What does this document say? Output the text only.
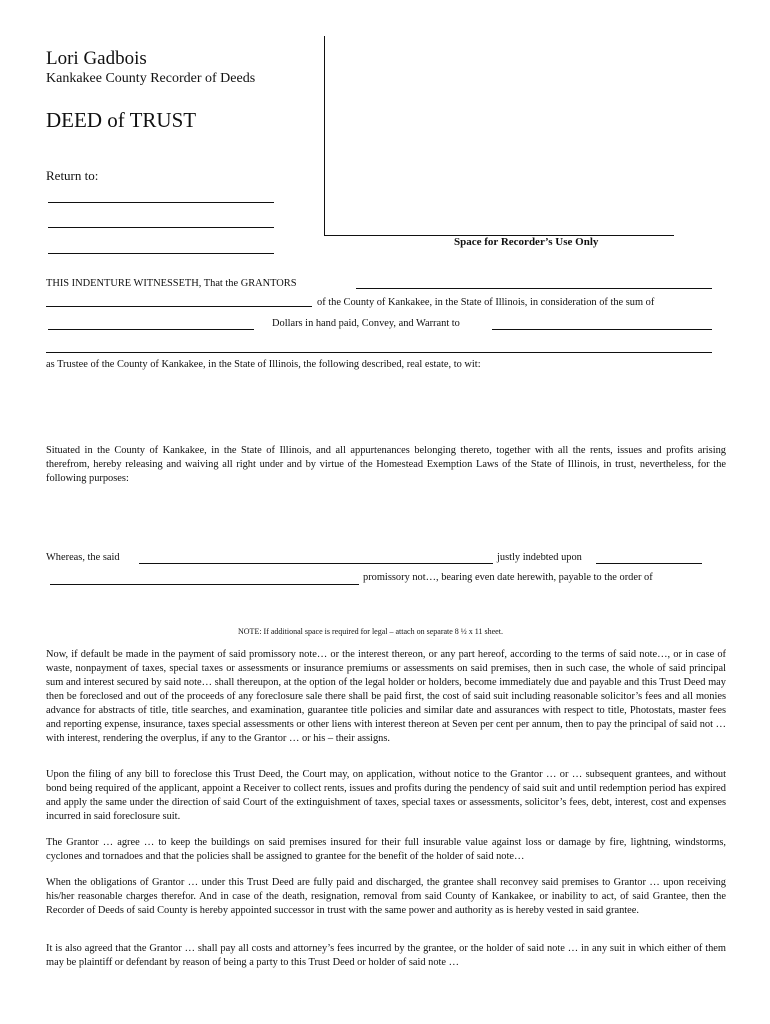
Lori Gadbois
Kankakee County Recorder of Deeds
DEED of TRUST
Return to:
Space for Recorder’s Use Only
THIS INDENTURE WITNESSETH, That the GRANTORS
of the County of Kankakee, in the State of Illinois, in consideration of the sum of
Dollars in hand paid, Convey, and Warrant to
as Trustee of the County of Kankakee, in the State of Illinois, the following described, real estate, to wit:

Situated in the County of Kankakee, in the State of Illinois, and all appurtenances belonging thereto, together with all the rents, issues and profits arising therefrom, hereby releasing and waiving all right under and by virtue of the Homestead Exemption Laws of the State of Illinois, in trust, nevertheless, for the following purposes:

Whereas, the said	justly indebted upon
promissory not…, bearing even date herewith, payable to the order of
NOTE: If additional space is required for legal – attach on separate 8 ½ x 11 sheet.

Now, if default be made in the payment of said promissory note… or the interest thereon, or any part hereof, according to the terms of said note…, or in case of waste, nonpayment of taxes, special taxes or assessments or insurance premiums or assessments on said premises, then in such case, the whole of said principal sum and interest secured by said note… shall thereupon, at the option of the legal holder or holders, become immediately due and payable and this Trust Deed may then be foreclosed and out of the proceeds of any foreclosure sale there shall be paid first, the cost of said suit including reasonable solicitor’s fees and all monies advance for abstracts of title, title searches, and examination, guarantee title policies and similar date and assurances with respect to title, Photostats, master fees and reporting expense, insurance, taxes special assessments or other liens with interest thereon at Seven per cent per annum, then to pay the principal of said not … with interest, rendering the overplus, if any to the Grantor … or his – their assigns.

Upon the filing of any bill to foreclose this Trust Deed, the Court may, on application, without notice to the Grantor … or … subsequent grantees, and without bond being required of the applicant, appoint a Receiver to collect rents, issues and profits during the pendency of said suit and until redemption period has expired and apply the same under the direction of said Court of the extinguishment of taxes, special taxes or assessments, solicitor’s fees, debt, interest, cost and expenses incurred in said foreclosure suit.

The Grantor … agree … to keep the buildings on said premises insured for their full insurable value against loss or damage by fire, lightning, windstorms, cyclones and tornadoes and that the policies shall be assigned to grantee for the benefit of the holder of said note…

When the obligations of Grantor … under this Trust Deed are fully paid and discharged, the grantee shall reconvey said premises to Grantor … upon receiving his/her reasonable charges therefor. And in case of the death, resignation, removal from said County of Kankakee, or inability to act, of said Grantee, then the Recorder of Deeds of said County is hereby appointed successor in trust with the same power and authority as is hereby vested in said grantee.

It is also agreed that the Grantor … shall pay all costs and attorney’s fees incurred by the grantee, or the holder of said note … in any suit in which either of them may be plaintiff or defendant by reason of being a party to this Trust Deed or holder of said note …
